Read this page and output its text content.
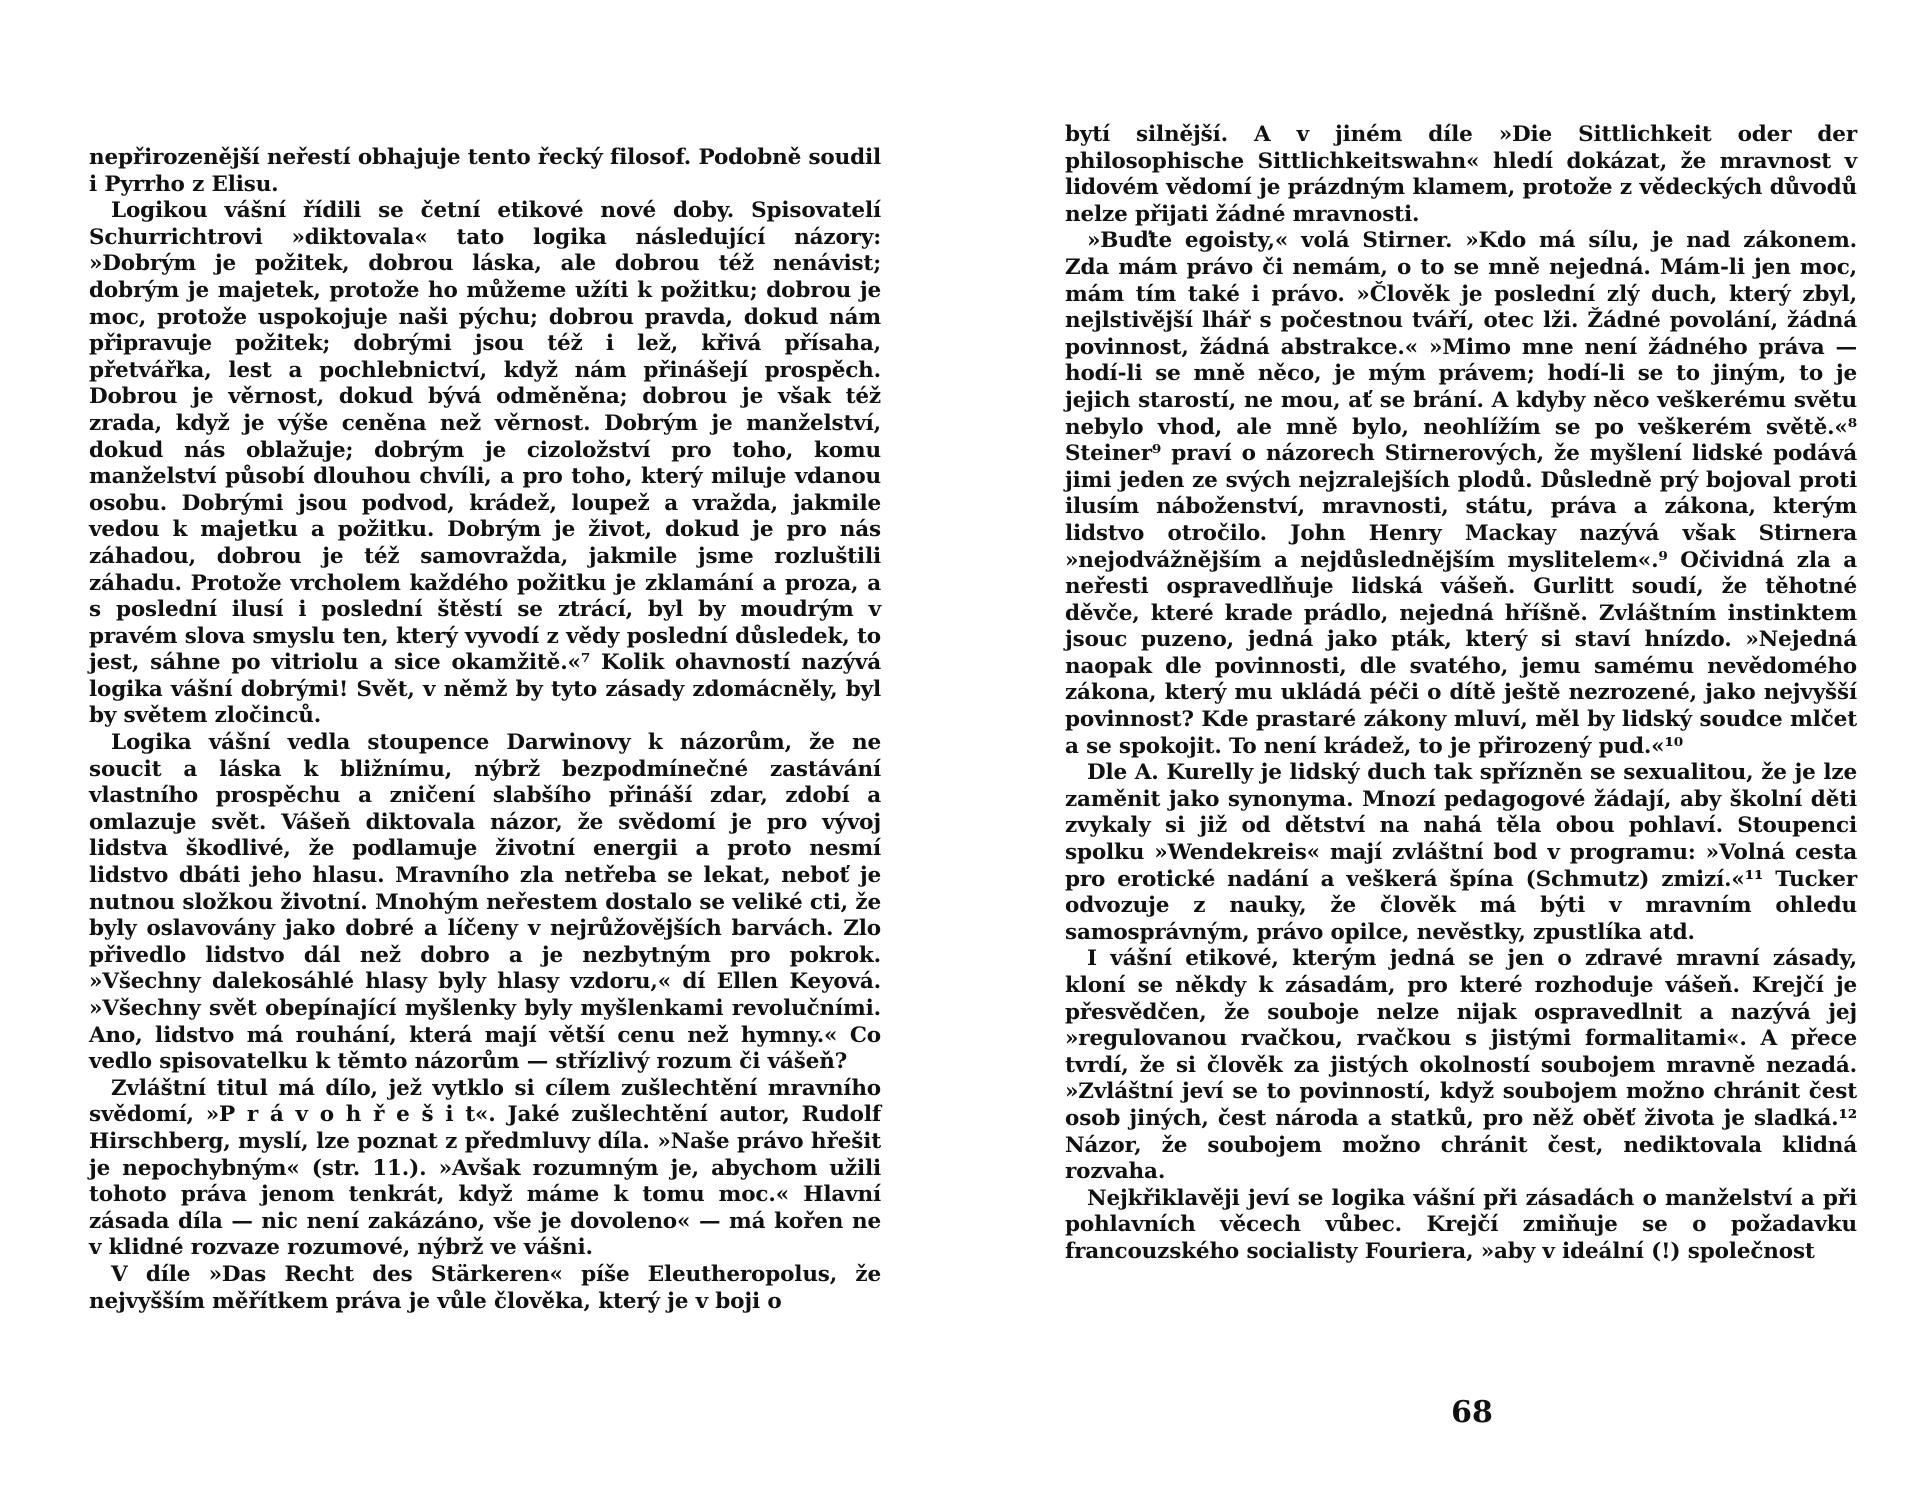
nepřirozenější neřestí obhajuje tento řecký filosof. Podobně soudil i Pyrrho z Elisu.

Logikou vášní řídili se četní etikové nové doby. Spisovatelí Schurrichtrovi »diktovala« tato logika následující názory: »Dobrým je požitek, dobrou láska, ale dobrou též nenávist; dobrým je majetek, protože ho můžeme užíti k požitku; dobrou je moc, protože uspokojuje naši pýchu; dobrou pravda, dokud nám připravuje požitek; dobrými jsou též i lež, křivá přísaha, přetvářka, lest a pochlebnictví, když nám přinášejí prospěch. Dobrou je věrnost, dokud bývá odměněna; dobrou je však též zrada, když je výše ceněna než věrnost. Dobrým je manželství, dokud nás oblažuje; dobrým je cizoložství pro toho, komu manželství působí dlouhou chvíli, a pro toho, který miluje vdanou osobu. Dobrými jsou podvod, krádež, loupež a vražda, jakmile vedou k majetku a požitku. Dobrým je život, dokud je pro nás záhadou, dobrou je též samovražda, jakmile jsme rozluštili záhadu. Protože vrcholem každého požitku je zklamání a proza, a s poslední ilusí i poslední štěstí se ztrácí, byl by moudrým v pravém slova smyslu ten, který vyvodí z vědy poslední důsledek, to jest, sáhne po vitriolu a sice okamžitě.«⁷ Kolik ohavností nazývá logika vášní dobrými! Svět, v němž by tyto zásady zdomácněly, byl by světem zločinců.

Logika vášní vedla stoupence Darwinovy k názorům, že ne soucit a láska k bližnímu, nýbrž bezpodmínečné zastávání vlastního prospěchu a zničení slabšího přináší zdar, zdobí a omlazuje svět. Vášeň diktovala názor, že svědomí je pro vývoj lidstva škodlivé, že podlamuje životní energii a proto nesmí lidstvo dbáti jeho hlasu. Mravního zla netřeba se lekat, neboť je nutnou složkou životní. Mnohým neřestem dostalo se veliké cti, že byly oslavovány jako dobré a líčeny v nejrůžovějších barvách. Zlo přivedlo lidstvo dál než dobro a je nezbytným pro pokrok. »Všechny dalekosáhlé hlasy byly hlasy vzdoru,« dí Ellen Keyová. »Všechny svět obepínající myšlenky byly myšlenkami revolučními. Ano, lidstvo má rouhání, která mají větší cenu než hymny.« Co vedlo spisovatelku k těmto názorům — střízlivý rozum či vášeň?

Zvláštní titul má dílo, jež vytklo si cílem zušlechtění mravního svědomí, »P r á v o h ř e š i t«. Jaké zušlechtění autor, Rudolf Hirschberg, myslí, lze poznat z předmluvy díla. »Naše právo hřešit je nepochybným« (str. 11.). »Avšak rozumným je, abychom užili tohoto práva jenom tenkrát, když máme k tomu moc.« Hlavní zásada díla — nic není zakázáno, vše je dovoleno« — má kořen ne v klidné rozvaze rozumové, nýbrž ve vášni.

V díle »Das Recht des Stärkeren« píše Eleutheropolus, že nejvyšším měřítkem práva je vůle člověka, který je v boji o

bytí silnější. A v jiném díle »Die Sittlichkeit oder der philosophische Sittlichkeitswahn« hledí dokázat, že mravnost v lidovém vědomí je prázdným klamem, protože z vědeckých důvodů nelze přijati žádné mravnosti.

»Buďte egoisty,« volá Stirner. »Kdo má sílu, je nad zákonem. Zda mám právo či nemám, o to se mně nejedná. Mám-li jen moc, mám tím také i právo. »Člověk je poslední zlý duch, který zbyl, nejlstivější lhář s počestnou tváří, otec lži. Žádné povolání, žádná povinnost, žádná abstrakce.« »Mimo mne není žádného práva — hodí-li se mně něco, je mým právem; hodí-li se to jiným, to je jejich starostí, ne mou, ať se brání. A kdyby něco veškerému světu nebylo vhod, ale mně bylo, neohlížím se po veškerém světě.«⁸ Steiner⁹ praví o názorech Stirnerových, že myšlení lidské podává jimi jeden ze svých nejzralejších plodů. Důsledně prý bojoval proti ilusím náboženství, mravnosti, státu, práva a zákona, kterým lidstvo otročilo. John Henry Mackay nazývá však Stirnera »nejodvážnějším a nejdůslednějším myslitelem«.⁹ Očividná zla a neřesti ospravedlňuje lidská vášeň. Gurlitt soudí, že těhotné děvče, které krade prádlo, nejedná hříšně. Zvláštním instinktem jsouc puzeno, jedná jako pták, který si staví hnízdo. »Nejedná naopak dle povinnosti, dle svatého, jemu samému nevědomého zákona, který mu ukládá péči o dítě ještě nezrozené, jako nejvyšší povinnost? Kde prastaré zákony mluví, měl by lidský soudce mlčet a se spokojit. To není krádež, to je přirozený pud.«¹⁰

Dle A. Kurelly je lidský duch tak spřízněn se sexualitou, že je lze zaměnit jako synonyma. Mnozí pedagogové žádají, aby školní děti zvykaly si již od dětství na nahá těla obou pohlaví. Stoupenci spolku »Wendekreis« mají zvláštní bod v programu: »Volná cesta pro erotické nadání a veškerá špína (Schmutz) zmizí.«¹¹ Tucker odvozuje z nauky, že člověk má býti v mravním ohledu samosprávným, právo opilce, nevěstky, zpustlíka atd.

I vášní etikové, kterým jedná se jen o zdravé mravní zásady, kloní se někdy k zásadám, pro které rozhoduje vášeň. Krejčí je přesvědčen, že souboje nelze nijak ospravedlnit a nazývá jej »regulovanou rvačkou, rvačkou s jistými formalitami«. A přece tvrdí, že si člověk za jistých okolností soubojem mravně nezadá. »Zvláštní jeví se to povinností, když soubojem možno chránit čest osob jiných, čest národa a statků, pro něž oběť života je sladká.¹² Názor, že soubojem možno chránit čest, nediktovala klidná rozvaha.

Nejkřiklavěji jeví se logika vášní při zásadách o manželství a při pohlavních věcech vůbec. Krejčí zmiňuje se o požadavku francouzského socialisty Fouriera, »aby v ideální (!) společnost

68
